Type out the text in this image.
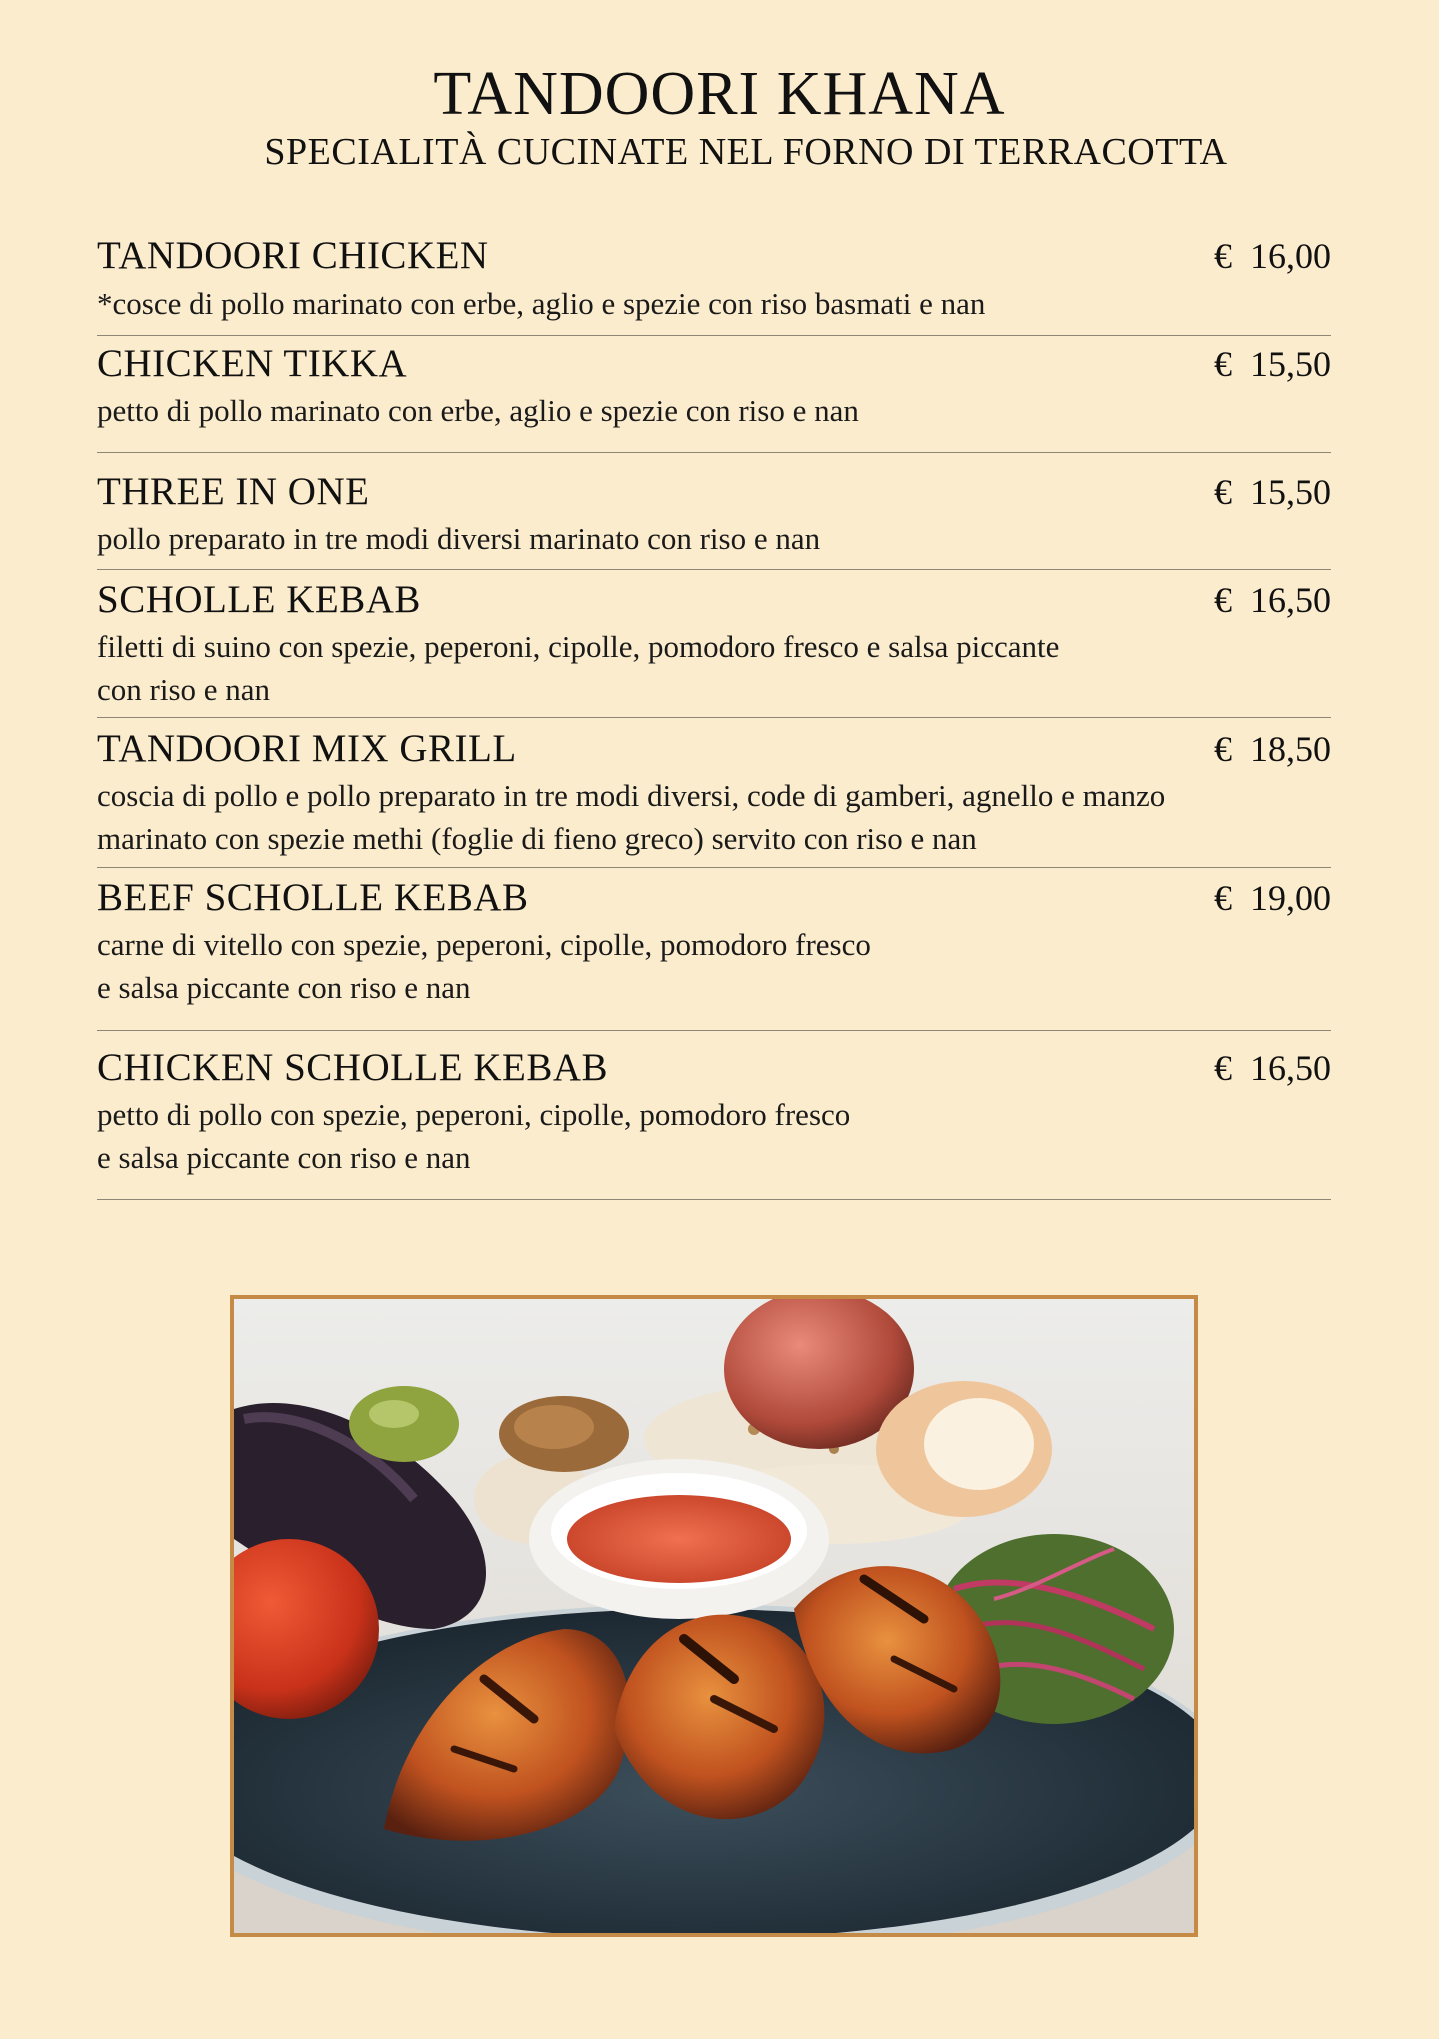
TANDOORI KHANA
SPECIALITÀ CUCINATE NEL FORNO DI TERRACOTTA
TANDOORI CHICKEN	€  16,00
*cosce di pollo marinato con erbe, aglio e spezie con riso basmati e nan
CHICKEN TIKKA	€  15,50
petto di pollo marinato con erbe, aglio e spezie con riso e nan
THREE IN ONE	€  15,50
pollo preparato in tre modi diversi marinato con riso e nan
SCHOLLE KEBAB	€  16,50
filetti di suino con spezie, peperoni, cipolle, pomodoro fresco e salsa piccante
con riso e nan
TANDOORI MIX GRILL	€  18,50
coscia di pollo e pollo preparato in tre modi diversi, code di gamberi, agnello e manzo
marinato con spezie methi (foglie di fieno greco) servito con riso e nan
BEEF SCHOLLE KEBAB	€  19,00
carne di vitello con spezie, peperoni, cipolle, pomodoro fresco
e salsa piccante con riso e nan
CHICKEN SCHOLLE KEBAB	€  16,50
petto di pollo con spezie, peperoni, cipolle, pomodoro fresco
e salsa piccante con riso e nan
